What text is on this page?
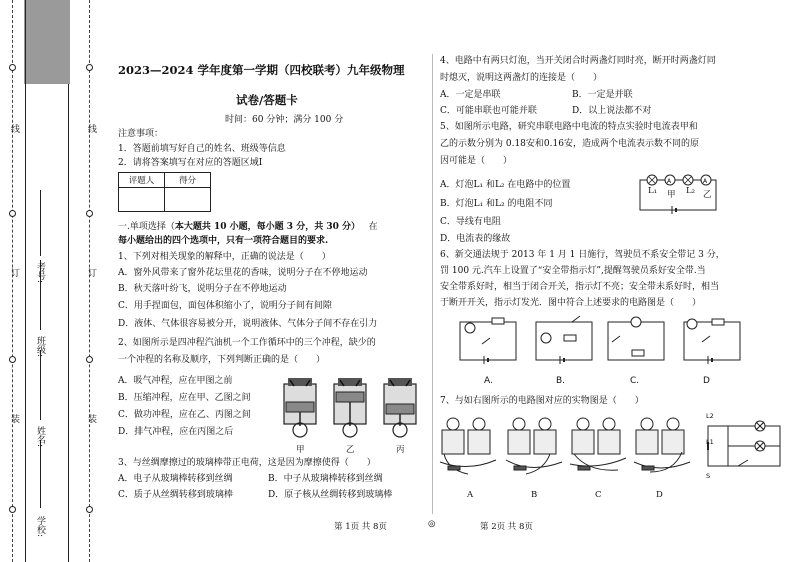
线
订
装
线
订
装
学校:
姓名:
班级:
考号:
2023—2024 学年度第一学期（四校联考）九年级物理
试卷/答题卡
时间：60 分钟；满分 100 分
注意事项：
1．答题前填写好自己的姓名、班级等信息
2．请将答案填写在对应的答题区域Ⅰ
评题人	得分

一.单项选择（本大题共 10 小题，每小题 3 分，共 30 分） 在
每小题给出的四个选项中，只有一项符合题目的要求.
1、下列对相关现象的解释中，正确的说法是（　　）
A．窗外风带来了窗外花坛里花的香味，说明分子在不停地运动
B．秋天落叶纷飞，说明分子在不停地运动
C．用手捏面包，面包体积缩小了，说明分子间有间隙
D．液体、气体很容易被分开，说明液体、气体分子间不存在引力
2、如图所示是四冲程汽油机一个工作循环中的三个冲程，缺少的
一个冲程的名称及顺序，下列判断正确的是（　　）
A．吸气冲程，应在甲图之前
B．压缩冲程，应在甲、乙图之间
C．做功冲程，应在乙、丙图之间
D．排气冲程，应在丙图之后
甲	乙	丙
3、与丝绸摩擦过的玻璃棒带正电荷，这是因为摩擦使得（　　）
A．电子从玻璃棒转移到丝绸	B．中子从玻璃棒转移到丝绸
C．质子从丝绸转移到玻璃棒	D．原子核从丝绸转移到玻璃棒
4、电路中有两只灯泡，当开关闭合时两盏灯同时亮，断开时两盏灯同
时熄灭，说明这两盏灯的连接是（　　）
A．一定是串联	B．一定是并联
C．可能串联也可能并联	D．以上说法都不对
5、如图所示电路，研究串联电路中电流的特点实验时电流表甲和
乙的示数分别为 0.18安和0.16安，造成两个电流表示数不同的原
因可能是（　　）
A．灯泡L₁ 和L₂ 在电路中的位置
B．灯泡L₁ 和L₂ 的电阻不同
C．导线有电阻
D．电流表的缘故
A	A
L₁ 甲 L₂ 乙
6、新交通法规于 2013 年 1 月 1 日施行，驾驶员不系安全带记 3 分，
罚 100 元.汽车上设置了“安全带指示灯”,提醒驾驶员系好安全带.当
安全带系好时，相当于闭合开关，指示灯不亮；安全带未系好时，相当
于断开开关，指示灯发光．图中符合上述要求的电路图是（　　）
A.	B.	C.	D
7、与如右图所示的电路图对应的实物图是（　　）
L2
L1
S
A	B	C	D
第 1页 共 8页	◎	第 2页 共 8页
